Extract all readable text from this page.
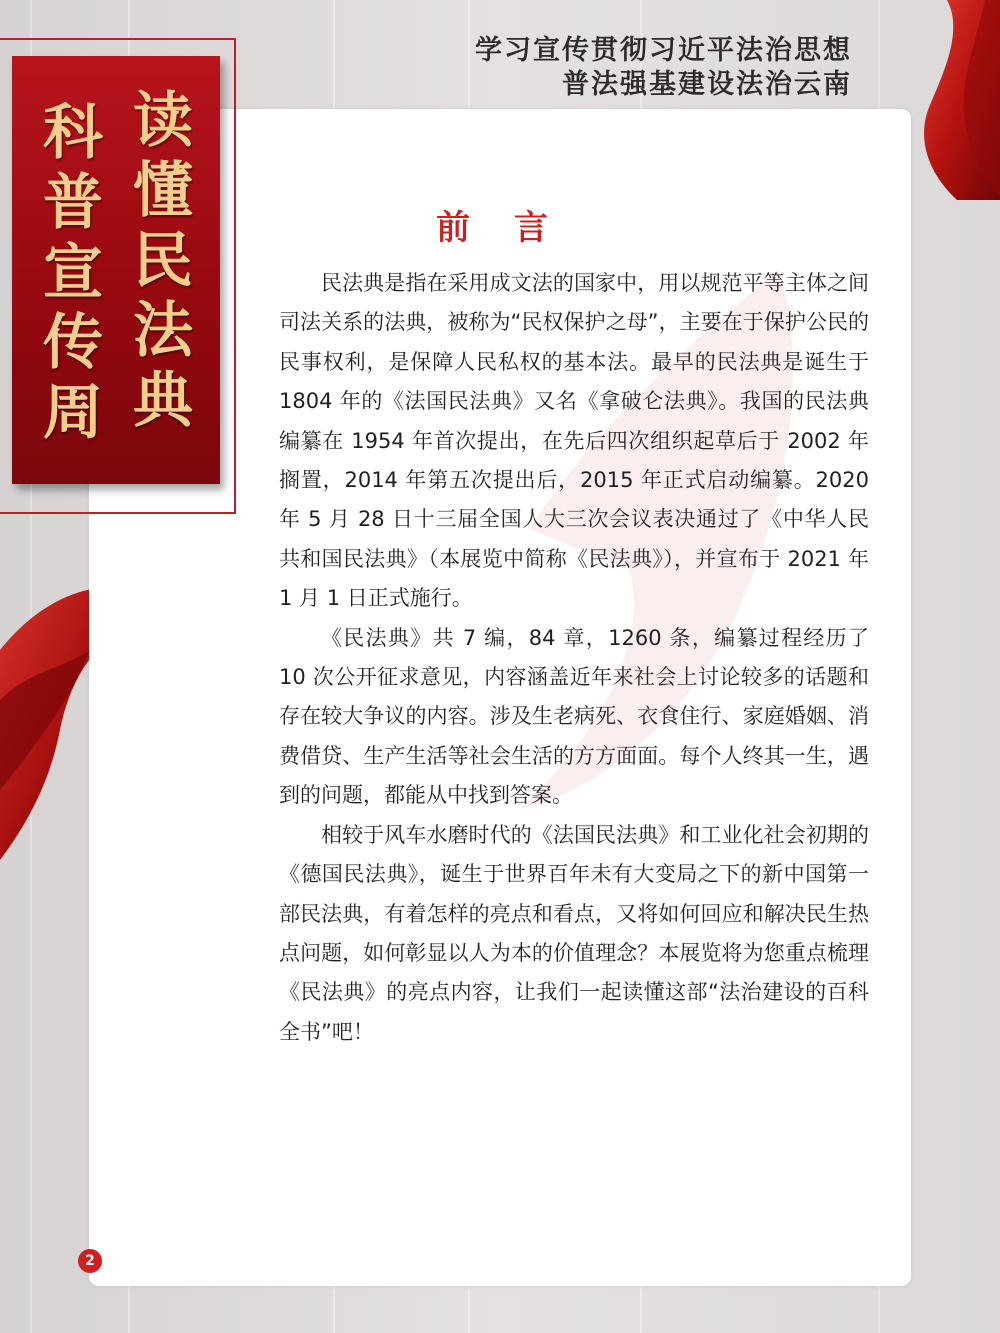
学习宣传贯彻习近平法治思想
普法强基建设法治云南
读懂民法典
科普宣传周
前 言

民法典是指在采用成文法的国家中，用以规范平等主体之间司法关系的法典，被称为“民权保护之母”，主要在于保护公民的民事权利，是保障人民私权的基本法。最早的民法典是诞生于 1804 年的《法国民法典》又名《拿破仑法典》。我国的民法典编纂在 1954 年首次提出，在先后四次组织起草后于 2002 年搁置，2014 年第五次提出后，2015 年正式启动编纂。2020 年 5 月 28 日十三届全国人大三次会议表决通过了《中华人民共和国民法典》（本展览中简称《民法典》），并宣布于 2021 年 1 月 1 日正式施行。

《民法典》共 7 编，84 章，1260 条，编纂过程经历了 10 次公开征求意见，内容涵盖近年来社会上讨论较多的话题和存在较大争议的内容。涉及生老病死、衣食住行、家庭婚姻、消费借贷、生产生活等社会生活的方方面面。每个人终其一生，遇到的问题，都能从中找到答案。

相较于风车水磨时代的《法国民法典》和工业化社会初期的《德国民法典》，诞生于世界百年未有大变局之下的新中国第一部民法典，有着怎样的亮点和看点，又将如何回应和解决民生热点问题，如何彰显以人为本的价值理念？本展览将为您重点梳理《民法典》的亮点内容，让我们一起读懂这部“法治建设的百科全书”吧！

2
